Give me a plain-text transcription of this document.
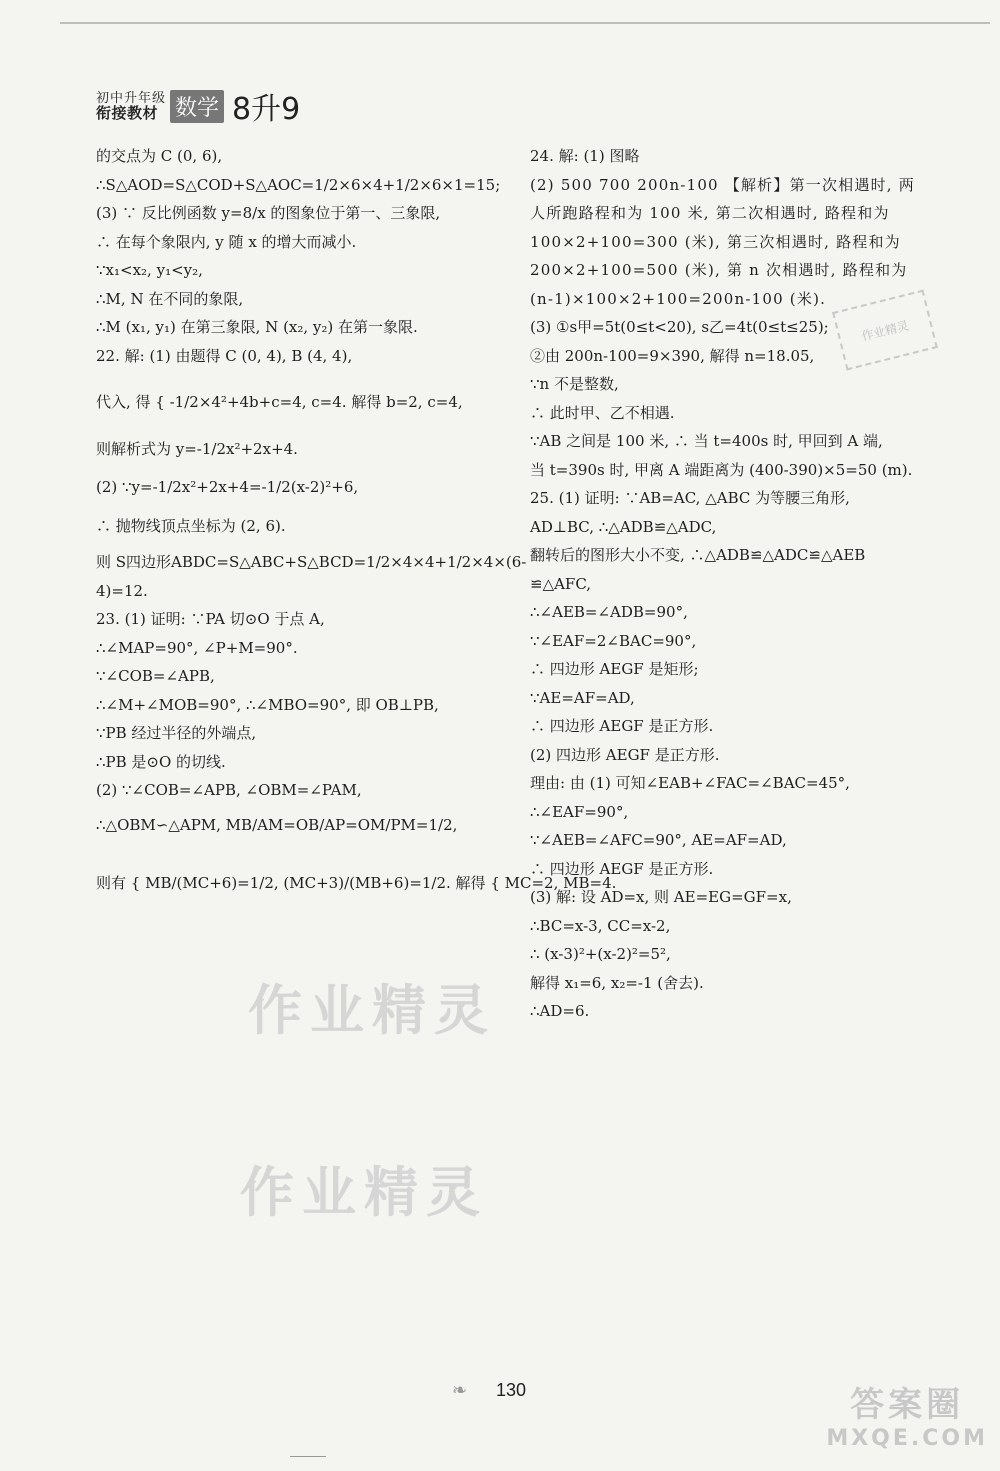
初中升年级
衔接教材 数学 8升9

的交点为 C (0, 6),

∴S△AOD=S△COD+S△AOC=1/2×6×4+1/2×6×1=15;

(3) ∵ 反比例函数 y=8/x 的图象位于第一、三象限,

∴ 在每个象限内, y 随 x 的增大而减小.

∵x₁<x₂, y₁<y₂,

∴M, N 在不同的象限,

∴M (x₁, y₁) 在第三象限, N (x₂, y₂) 在第一象限.

22. 解: (1) 由题得 C (0, 4), B (4, 4),

代入, 得 { -1/2×4²+4b+c=4, c=4. 解得 b=2, c=4,

则解析式为 y=-1/2x²+2x+4.

(2) ∵y=-1/2x²+2x+4=-1/2(x-2)²+6,

∴ 抛物线顶点坐标为 (2, 6).

则 S四边形ABDC=S△ABC+S△BCD=1/2×4×4+1/2×4×(6-

4)=12.

23. (1) 证明: ∵PA 切⊙O 于点 A,

∴∠MAP=90°, ∠P+M=90°.

∵∠COB=∠APB,

∴∠M+∠MOB=90°, ∴∠MBO=90°, 即 OB⊥PB,

∵PB 经过半径的外端点,

∴PB 是⊙O 的切线.

(2) ∵∠COB=∠APB, ∠OBM=∠PAM,

∴△OBM∽△APM, MB/AM=OB/AP=OM/PM=1/2,

则有 { MB/(MC+6)=1/2, (MC+3)/(MB+6)=1/2. 解得 { MC=2, MB=4.

24. 解: (1) 图略

(2) 500 700 200n-100 【解析】第一次相遇时, 两人所跑路程和为 100 米, 第二次相遇时, 路程和为 100×2+100=300 (米), 第三次相遇时, 路程和为 200×2+100=500 (米), 第 n 次相遇时, 路程和为 (n-1)×100×2+100=200n-100 (米).

(3) ①s甲=5t(0≤t<20), s乙=4t(0≤t≤25);

②由 200n-100=9×390, 解得 n=18.05,

∵n 不是整数,

∴ 此时甲、乙不相遇.

∵AB 之间是 100 米, ∴ 当 t=400s 时, 甲回到 A 端,

当 t=390s 时, 甲离 A 端距离为 (400-390)×5=50 (m).

25. (1) 证明: ∵AB=AC, △ABC 为等腰三角形,

AD⊥BC, ∴△ADB≌△ADC,

翻转后的图形大小不变, ∴△ADB≌△ADC≌△AEB

≌△AFC,

∴∠AEB=∠ADB=90°,

∵∠EAF=2∠BAC=90°,

∴ 四边形 AEGF 是矩形;

∵AE=AF=AD,

∴ 四边形 AEGF 是正方形.

(2) 四边形 AEGF 是正方形.

理由: 由 (1) 可知∠EAB+∠FAC=∠BAC=45°,

∴∠EAF=90°,

∵∠AEB=∠AFC=90°, AE=AF=AD,

∴ 四边形 AEGF 是正方形.

(3) 解: 设 AD=x, 则 AE=EG=GF=x,

∴BC=x-3, CC=x-2,

∴ (x-3)²+(x-2)²=5²,

解得 x₁=6, x₂=-1 (舍去).

∴AD=6.

作业精灵
作业精灵
作业精灵
❧ 130	答案圈
MXQE.COM
